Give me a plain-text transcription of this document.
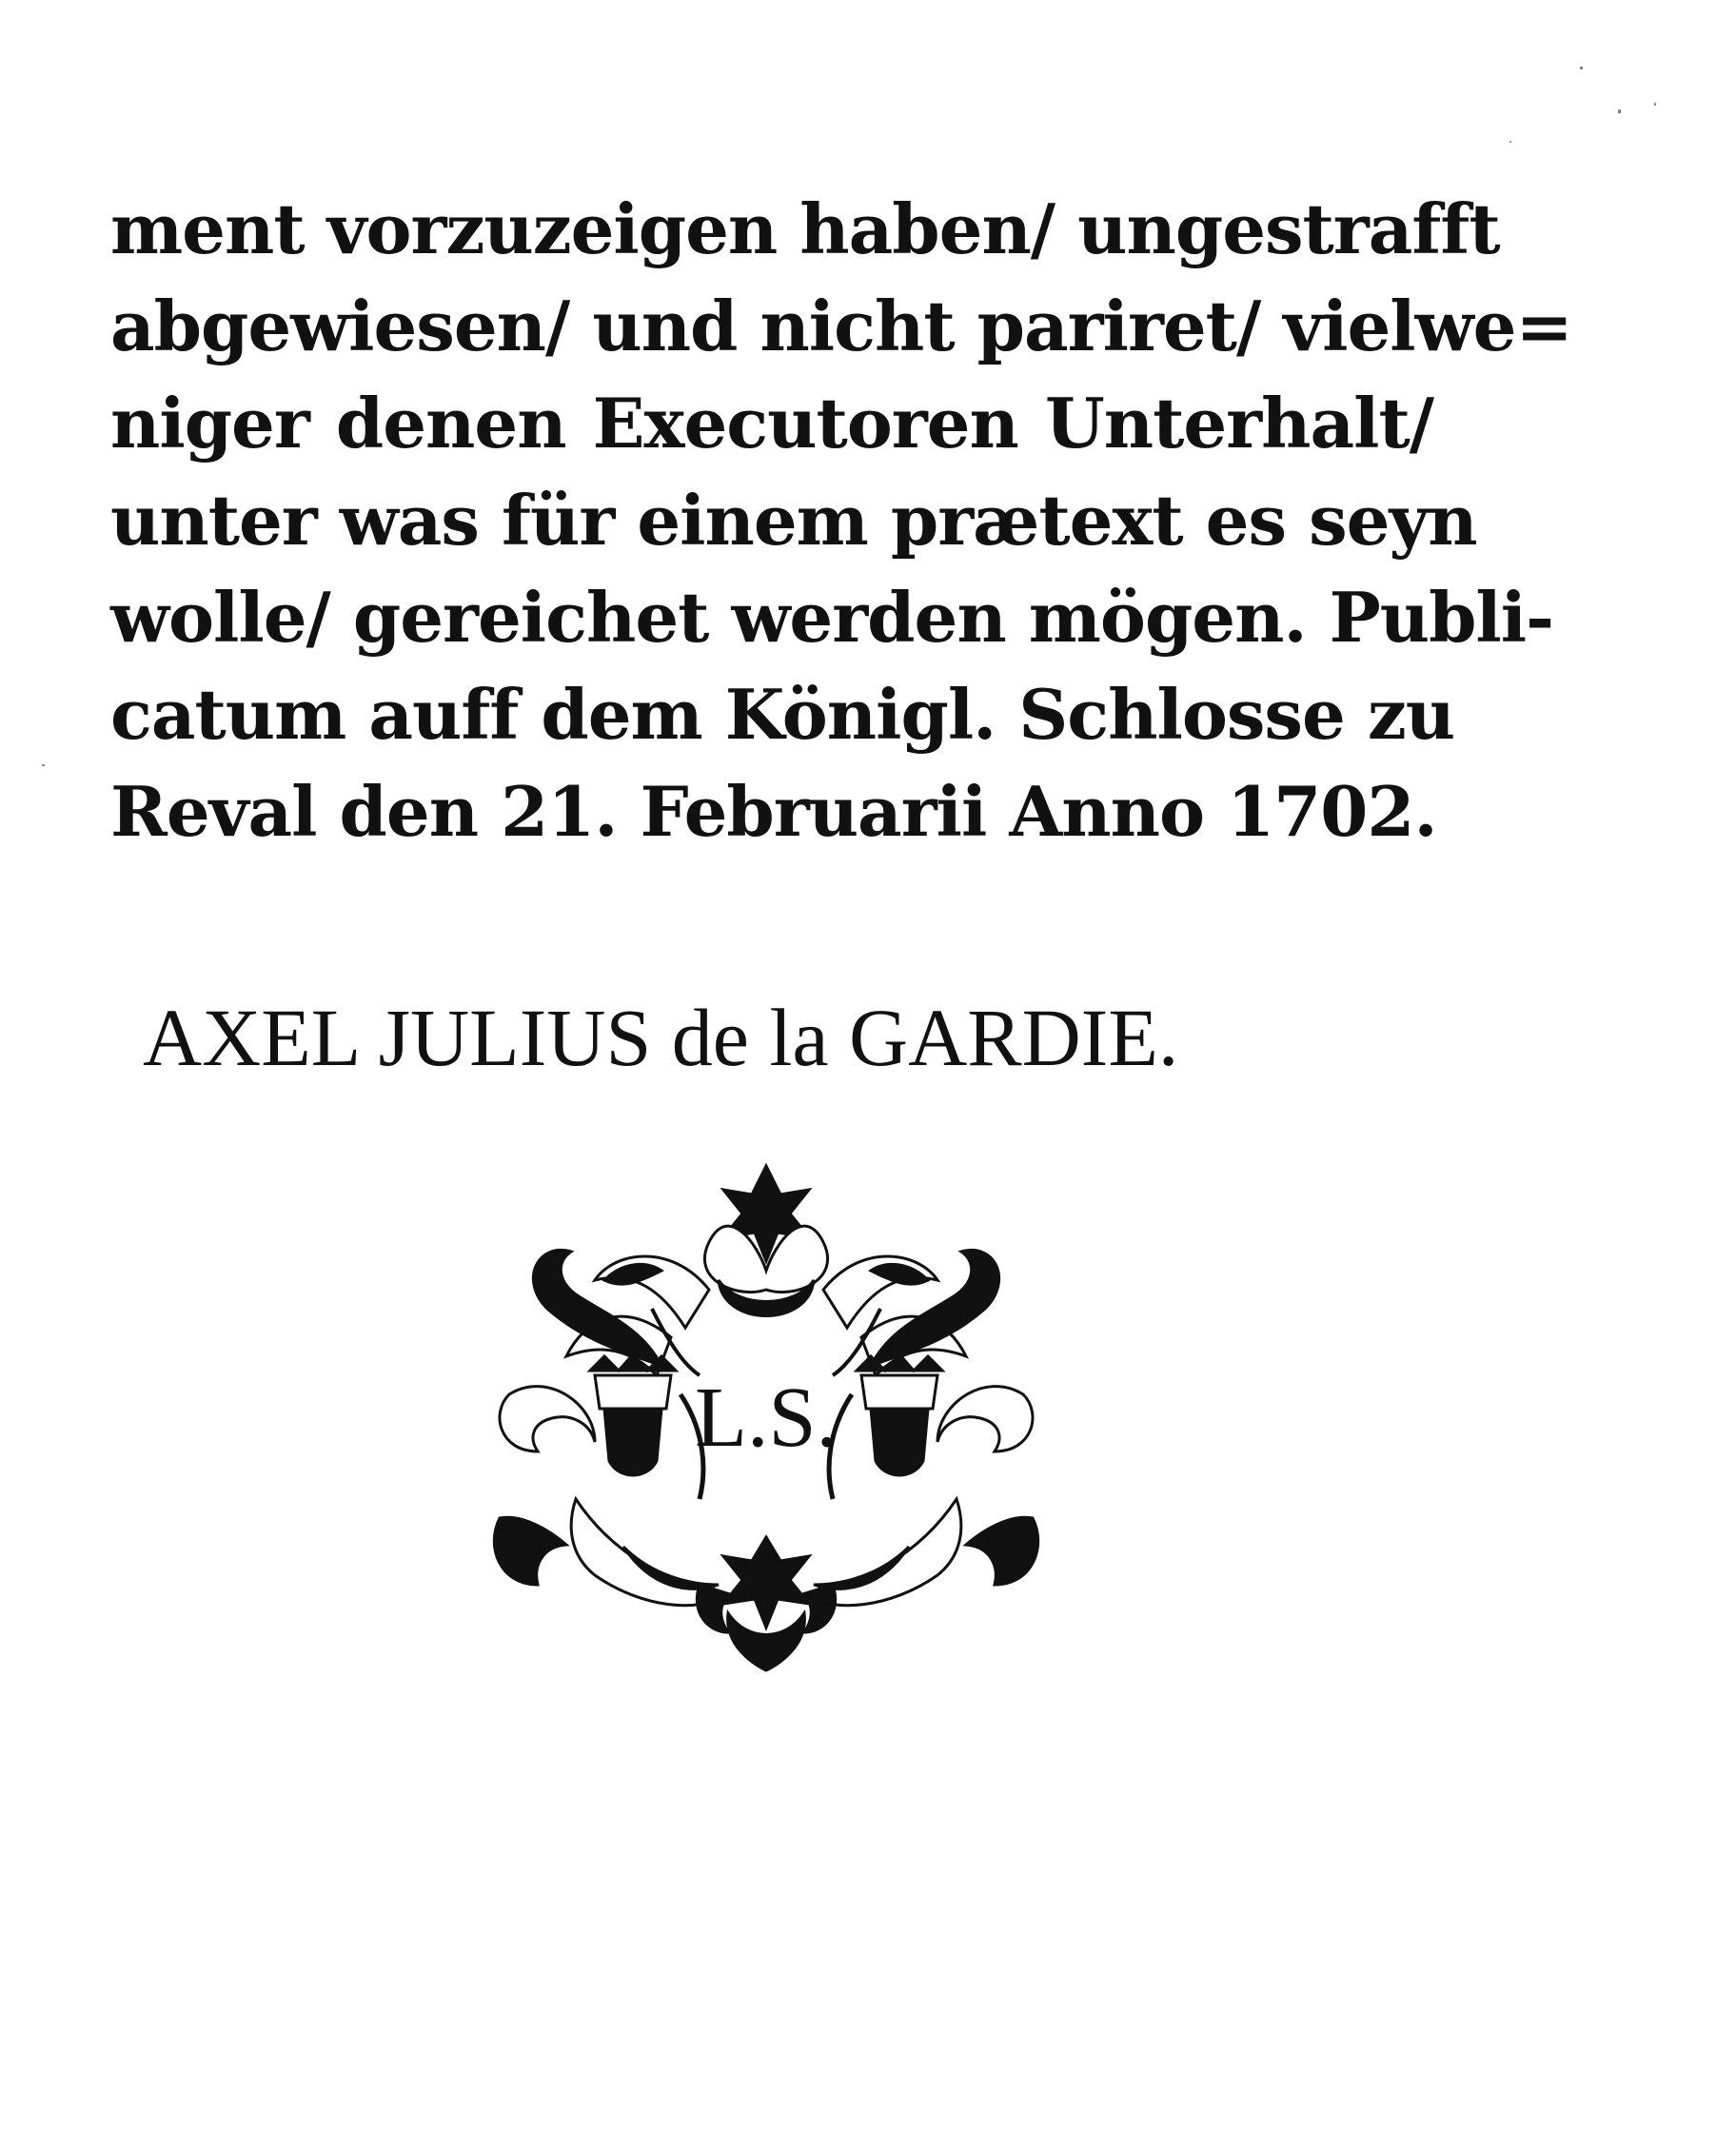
ment vorzuzeigen haben/ ungestrafft
abgewiesen/ und nicht pariret/ vielwe=
niger denen Executoren Unterhalt/
unter was für einem prætext es seyn
wolle/ gereichet werden mögen. Publi-
catum auff dem Königl. Schlosse zu
Reval den 21. Februarii Anno 1702.
AXEL JULIUS de la GARDIE.
L.S.
